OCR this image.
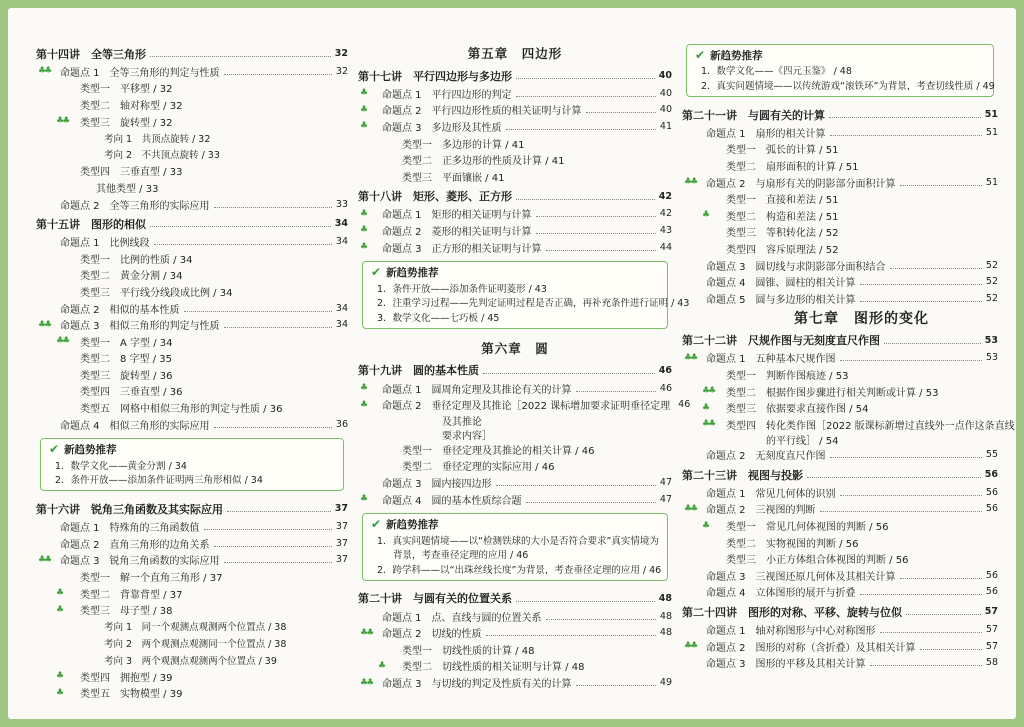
第十四讲　全等三角形	32
♣♣ 命题点 1　全等三角形的判定与性质	32
类型一　平移型 / 32
类型二　轴对称型 / 32
♣♣ 类型三　旋转型 / 32
考向 1　共顶点旋转 / 32
考向 2　不共顶点旋转 / 33
类型四　三垂直型 / 33
其他类型 / 33
命题点 2　全等三角形的实际应用	33
第十五讲　图形的相似	34
命题点 1　比例线段	34
类型一　比例的性质 / 34
类型二　黄金分割 / 34
类型三　平行线分线段成比例 / 34
命题点 2　相似的基本性质	34
♣♣ 命题点 3　相似三角形的判定与性质	34
♣♣ 类型一　A 字型 / 34
类型二　8 字型 / 35
类型三　旋转型 / 36
类型四　三垂直型 / 36
类型五　网格中相似三角形的判定与性质 / 36
命题点 4　相似三角形的实际应用	36
✔ 新趋势推荐
1．数学文化——黄金分割 / 34
2．条件开放——添加条件证明两三角形相似 / 34
第十六讲　锐角三角函数及其实际应用	37
命题点 1　特殊角的三角函数值	37
命题点 2　直角三角形的边角关系	37
♣♣ 命题点 3　锐角三角函数的实际应用	37
类型一　解一个直角三角形 / 37
♣ 类型二　背靠背型 / 37
♣ 类型三　母子型 / 38
考向 1　同一个观测点观测两个位置点 / 38
考向 2　两个观测点观测同一个位置点 / 38
考向 3　两个观测点观测两个位置点 / 39
♣ 类型四　拥抱型 / 39
♣ 类型五　实物模型 / 39
第五章　四边形
第十七讲　平行四边形与多边形	40
♣ 命题点 1　平行四边形的判定	40
♣ 命题点 2　平行四边形性质的相关证明与计算	40
♣ 命题点 3　多边形及其性质	41
类型一　多边形的计算 / 41
类型二　正多边形的性质及计算 / 41
类型三　平面镶嵌 / 41
第十八讲　矩形、菱形、正方形	42
♣ 命题点 1　矩形的相关证明与计算	42
♣ 命题点 2　菱形的相关证明与计算	43
♣ 命题点 3　正方形的相关证明与计算	44
✔ 新趋势推荐
1．条件开放——添加条件证明菱形 / 43
2．注重学习过程——先判定证明过程是否正确，再补充条件进行证明 / 43
3．数学文化——七巧板 / 45
第六章　圆
第十九讲　圆的基本性质	46
♣ 命题点 1　圆周角定理及其推论有关的计算	46
♣ 命题点 2　垂径定理及其推论［2022 课标增加要求证明垂径定理 46
及其推论
要求内容］
类型一　垂径定理及其推论的相关计算 / 46
类型二　垂径定理的实际应用 / 46
命题点 3　圆内接四边形	47
♣ 命题点 4　圆的基本性质综合题	47
✔ 新趋势推荐
1．真实问题情境——以“检测铁球的大小是否符合要求”真实情境为
背景，考查垂径定理的应用 / 46
2．跨学科——以“出珠丝线长度”为背景，考查垂径定理的应用 / 46
第二十讲　与圆有关的位置关系	48
命题点 1　点、直线与圆的位置关系	48
♣♣ 命题点 2　切线的性质	48
类型一　切线性质的计算 / 48
♣ 类型二　切线性质的相关证明与计算 / 48
♣♣ 命题点 3　与切线的判定及性质有关的计算	49
✔ 新趋势推荐
1．数学文化——《四元玉鉴》 / 48
2．真实问题情境——以传统游戏“滚铁环”为背景，考查切线性质 / 49
第二十一讲　与圆有关的计算	51
命题点 1　扇形的相关计算	51
类型一　弧长的计算 / 51
类型二　扇形面积的计算 / 51
♣♣ 命题点 2　与扇形有关的阴影部分面积计算	51
类型一　直接和差法 / 51
♣ 类型二　构造和差法 / 51
类型三　等积转化法 / 52
类型四　容斥原理法 / 52
命题点 3　圆切线与求阴影部分面积结合	52
命题点 4　圆锥、圆柱的相关计算	52
命题点 5　圆与多边形的相关计算	52
第七章　图形的变化
第二十二讲　尺规作图与无刻度直尺作图	53
♣♣ 命题点 1　五种基本尺规作图	53
类型一　判断作图痕迹 / 53
♣♣ 类型二　根据作图步骤进行相关判断或计算 / 53
♣ 类型三　依据要求直接作图 / 54
♣♣ 类型四　转化类作图［2022 版课标新增过直线外一点作这条直线
的平行线］ / 54
命题点 2　无刻度直尺作图	55
第二十三讲　视图与投影	56
命题点 1　常见几何体的识别	56
♣♣ 命题点 2　三视图的判断	56
♣ 类型一　常见几何体视图的判断 / 56
类型二　实物视图的判断 / 56
类型三　小正方体组合体视图的判断 / 56
命题点 3　三视图还原几何体及其相关计算	56
命题点 4　立体图形的展开与折叠	56
第二十四讲　图形的对称、平移、旋转与位似	57
命题点 1　轴对称图形与中心对称图形	57
♣♣ 命题点 2　图形的对称（含折叠）及其相关计算	57
命题点 3　图形的平移及其相关计算	58
